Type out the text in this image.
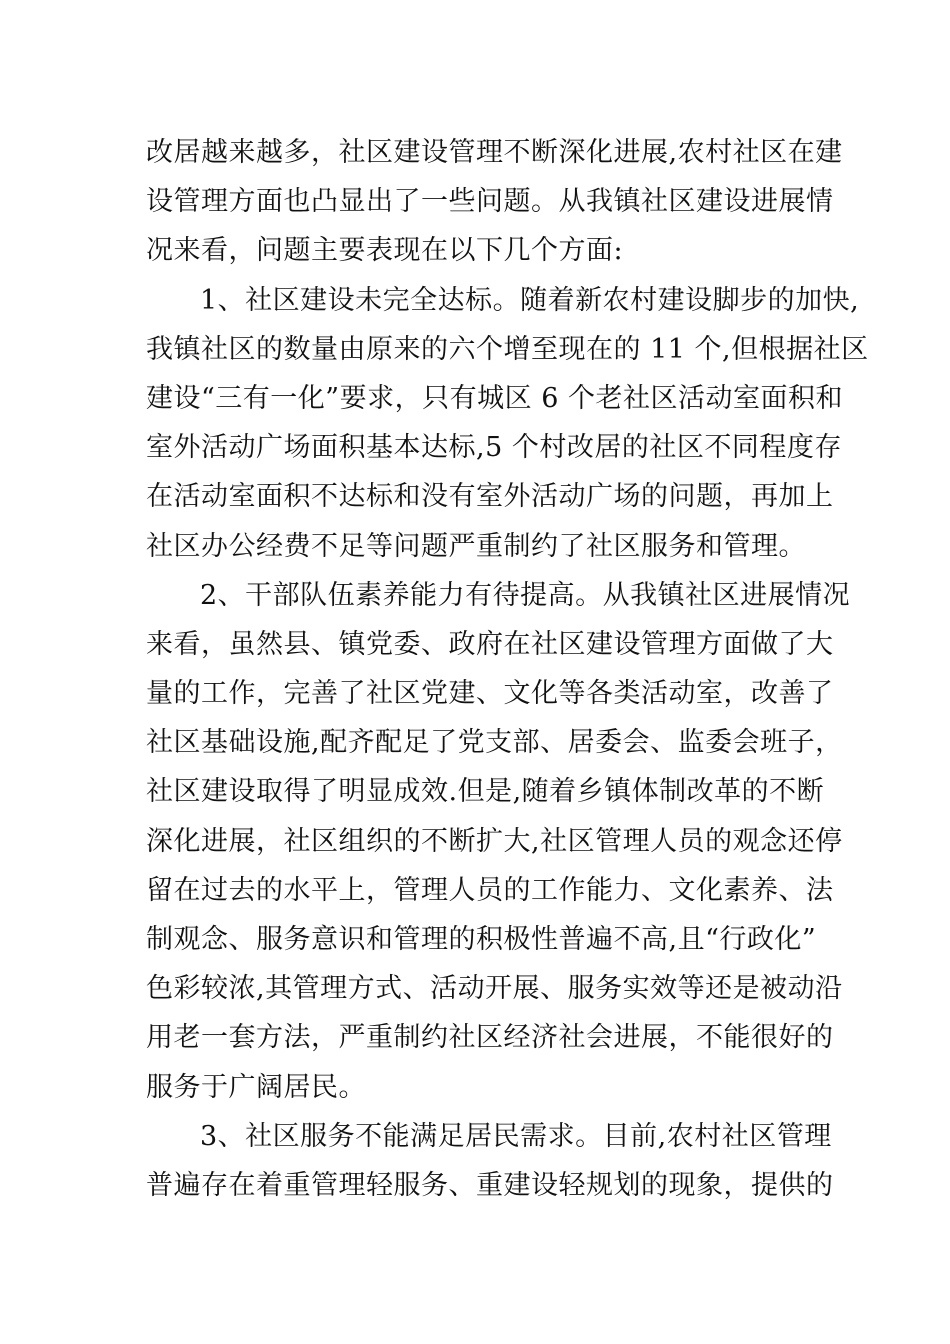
改居越来越多，社区建设管理不断深化进展,农村社区在建
设管理方面也凸显出了一些问题。从我镇社区建设进展情
况来看，问题主要表现在以下几个方面:
1、社区建设未完全达标。随着新农村建设脚步的加快,
我镇社区的数量由原来的六个增至现在的 11 个,但根据社区
建设“三有一化”要求，只有城区 6 个老社区活动室面积和
室外活动广场面积基本达标,5 个村改居的社区不同程度存
在活动室面积不达标和没有室外活动广场的问题，再加上
社区办公经费不足等问题严重制约了社区服务和管理。
2、干部队伍素养能力有待提高。从我镇社区进展情况
来看，虽然县、镇党委、政府在社区建设管理方面做了大
量的工作，完善了社区党建、文化等各类活动室，改善了
社区基础设施,配齐配足了党支部、居委会、监委会班子，
社区建设取得了明显成效.但是,随着乡镇体制改革的不断
深化进展，社区组织的不断扩大,社区管理人员的观念还停
留在过去的水平上，管理人员的工作能力、文化素养、法
制观念、服务意识和管理的积极性普遍不高,且“行政化”
色彩较浓,其管理方式、活动开展、服务实效等还是被动沿
用老一套方法，严重制约社区经济社会进展，不能很好的
服务于广阔居民。
3、社区服务不能满足居民需求。目前,农村社区管理
普遍存在着重管理轻服务、重建设轻规划的现象，提供的
